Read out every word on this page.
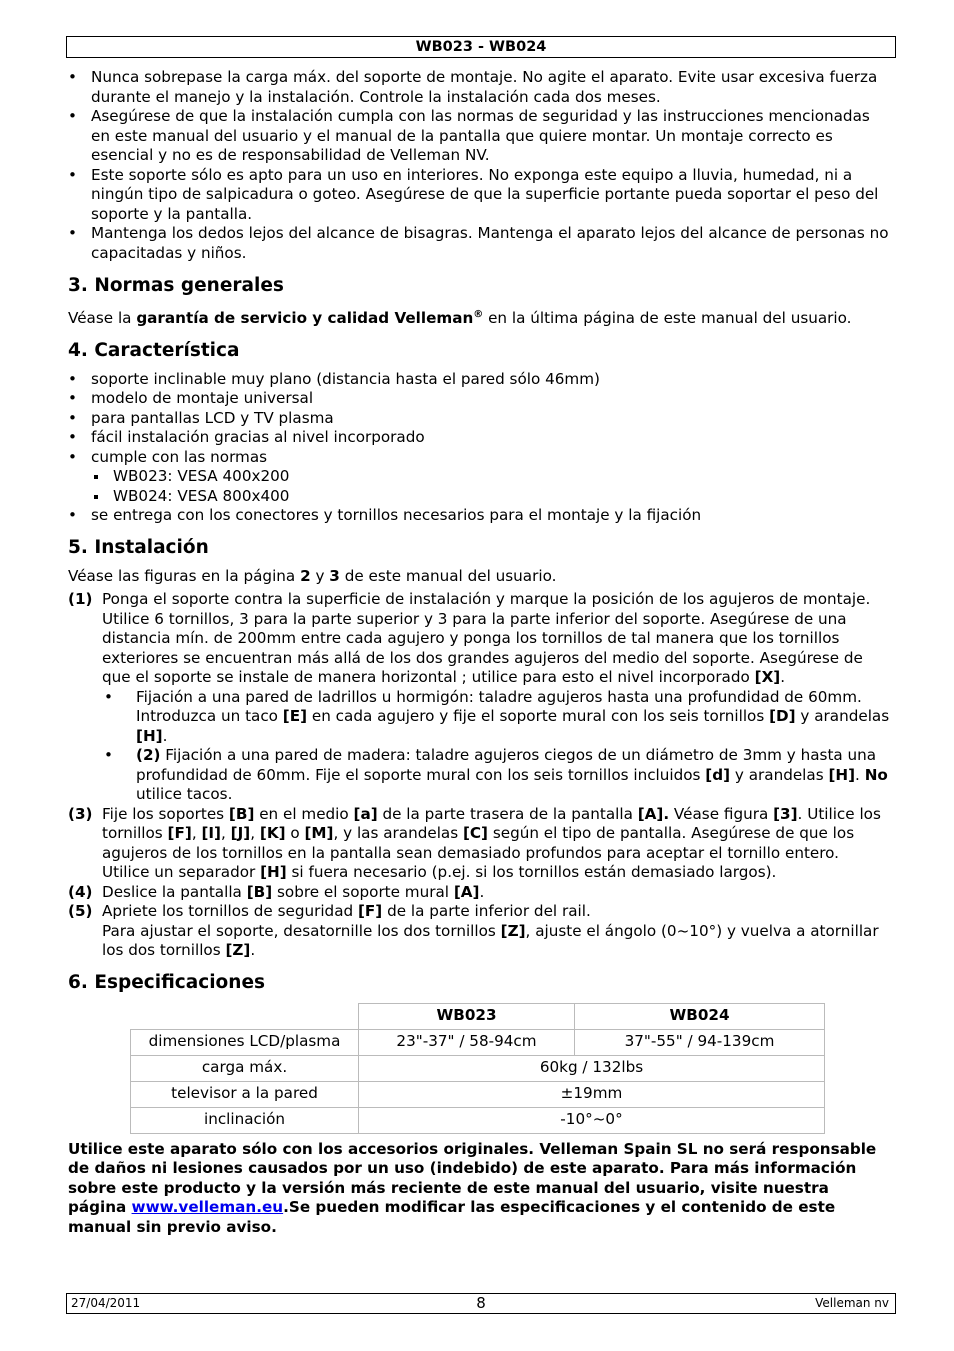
WB023 - WB024
• Nunca sobrepase la carga máx. del soporte de montaje. No agite el aparato. Evite usar excesiva fuerza durante el manejo y la instalación. Controle la instalación cada dos meses.
• Asegúrese de que la instalación cumpla con las normas de seguridad y las instrucciones mencionadas en este manual del usuario y el manual de la pantalla que quiere montar. Un montaje correcto es esencial y no es de responsabilidad de Velleman NV.
• Este soporte sólo es apto para un uso en interiores. No exponga este equipo a lluvia, humedad, ni a ningún tipo de salpicadura o goteo. Asegúrese de que la superficie portante pueda soportar el peso del soporte y la pantalla.
• Mantenga los dedos lejos del alcance de bisagras. Mantenga el aparato lejos del alcance de personas no capacitadas y niños.
3. Normas generales

Véase la garantía de servicio y calidad Velleman® en la última página de este manual del usuario.

4. Característica
• soporte inclinable muy plano (distancia hasta el pared sólo 46mm)
• modelo de montaje universal
• para pantallas LCD y TV plasma
• fácil instalación gracias al nivel incorporado
• cumple con las normas
WB023: VESA 400x200
WB024: VESA 800x400
• se entrega con los conectores y tornillos necesarios para el montaje y la fijación
5. Instalación

Véase las figuras en la página 2 y 3 de este manual del usuario.

(1) Ponga el soporte contra la superficie de instalación y marque la posición de los agujeros de montaje. Utilice 6 tornillos, 3 para la parte superior y 3 para la parte inferior del soporte. Asegúrese de una distancia mín. de 200mm entre cada agujero y ponga los tornillos de tal manera que los tornillos exteriores se encuentran más allá de los dos grandes agujeros del medio del soporte. Asegúrese de que el soporte se instale de manera horizontal ; utilice para esto el nivel incorporado [X].
• Fijación a una pared de ladrillos u hormigón: taladre agujeros hasta una profundidad de 60mm. Introduzca un taco [E] en cada agujero y fije el soporte mural con los seis tornillos [D] y arandelas [H].
• (2) Fijación a una pared de madera: taladre agujeros ciegos de un diámetro de 3mm y hasta una profundidad de 60mm. Fije el soporte mural con los seis tornillos incluidos [d] y arandelas [H]. No utilice tacos.
(3) Fije los soportes [B] en el medio [a] de la parte trasera de la pantalla [A]. Véase figura [3]. Utilice los tornillos [F], [I], [J], [K] o [M], y las arandelas [C] según el tipo de pantalla. Asegúrese de que los agujeros de los tornillos en la pantalla sean demasiado profundos para aceptar el tornillo entero. Utilice un separador [H] si fuera necesario (p.ej. si los tornillos están demasiado largos).
(4) Deslice la pantalla [B] sobre el soporte mural [A].
(5) Apriete los tornillos de seguridad [F] de la parte inferior del rail.
Para ajustar el soporte, desatornille los dos tornillos [Z], ajuste el ángolo (0~10°) y vuelva a atornillar los dos tornillos [Z].
6. Especificaciones
	WB023	WB024
dimensiones LCD/plasma	23"-37" / 58-94cm	37"-55" / 94-139cm
carga máx.	60kg / 132lbs	
televisor a la pared	±19mm	
inclinación	-10°~0°	

Utilice este aparato sólo con los accesorios originales. Velleman Spain SL no será responsable de daños ni lesiones causados por un uso (indebido) de este aparato. Para más información sobre este producto y la versión más reciente de este manual del usuario, visite nuestra página www.velleman.eu.Se pueden modificar las especificaciones y el contenido de este manual sin previo aviso.

27/04/2011	8	Velleman nv
